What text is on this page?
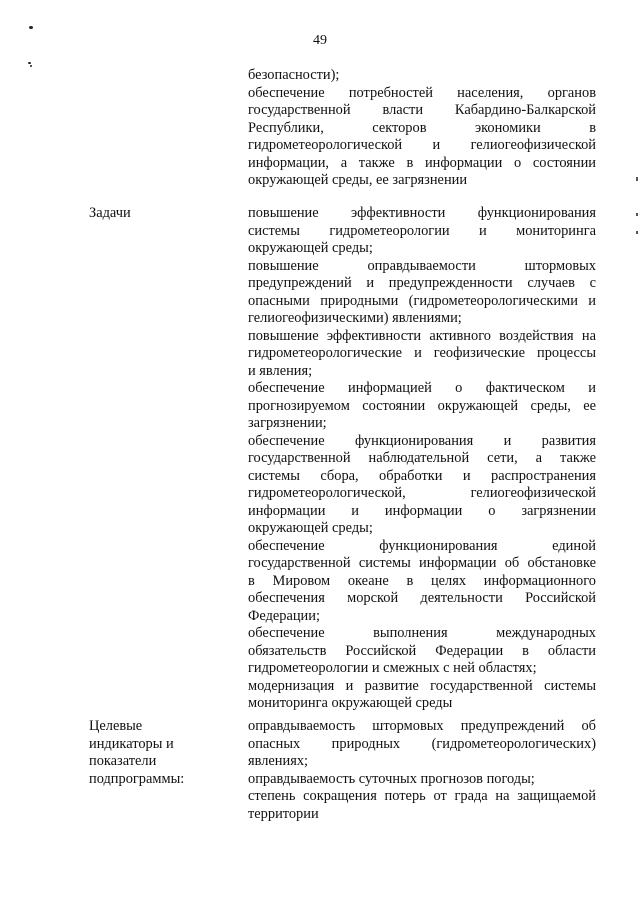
49
безопасности);
обеспечение потребностей населения, органов
государственной власти Кабардино-Балкарской
Республики, секторов экономики в
гидрометеорологической и гелиогеофизической
информации, а также в информации о состоянии
окружающей среды, ее загрязнении
Задачи	повышение эффективности функционирования
системы гидрометеорологии и мониторинга
окружающей среды;
повышение оправдываемости штормовых
предупреждений и предупрежденности случаев с
опасными природными (гидрометеорологическими и
гелиогеофизическими) явлениями;
повышение эффективности активного воздействия на
гидрометеорологические и геофизические процессы
и явления;
обеспечение информацией о фактическом и
прогнозируемом состоянии окружающей среды, ее
загрязнении;
обеспечение функционирования и развития
государственной наблюдательной сети, а также
системы сбора, обработки и распространения
гидрометеорологической, гелиогеофизической
информации и информации о загрязнении
окружающей среды;
обеспечение функционирования единой
государственной системы информации об обстановке
в Мировом океане в целях информационного
обеспечения морской деятельности Российской
Федерации;
обеспечение выполнения международных
обязательств Российской Федерации в области
гидрометеорологии и смежных с ней областях;
модернизация и развитие государственной системы
мониторинга окружающей среды
Целевые
индикаторы и
показатели
подпрограммы:
оправдываемость штормовых предупреждений об
опасных природных (гидрометеорологических)
явлениях;
оправдываемость суточных прогнозов погоды;
степень сокращения потерь от града на защищаемой
территории
